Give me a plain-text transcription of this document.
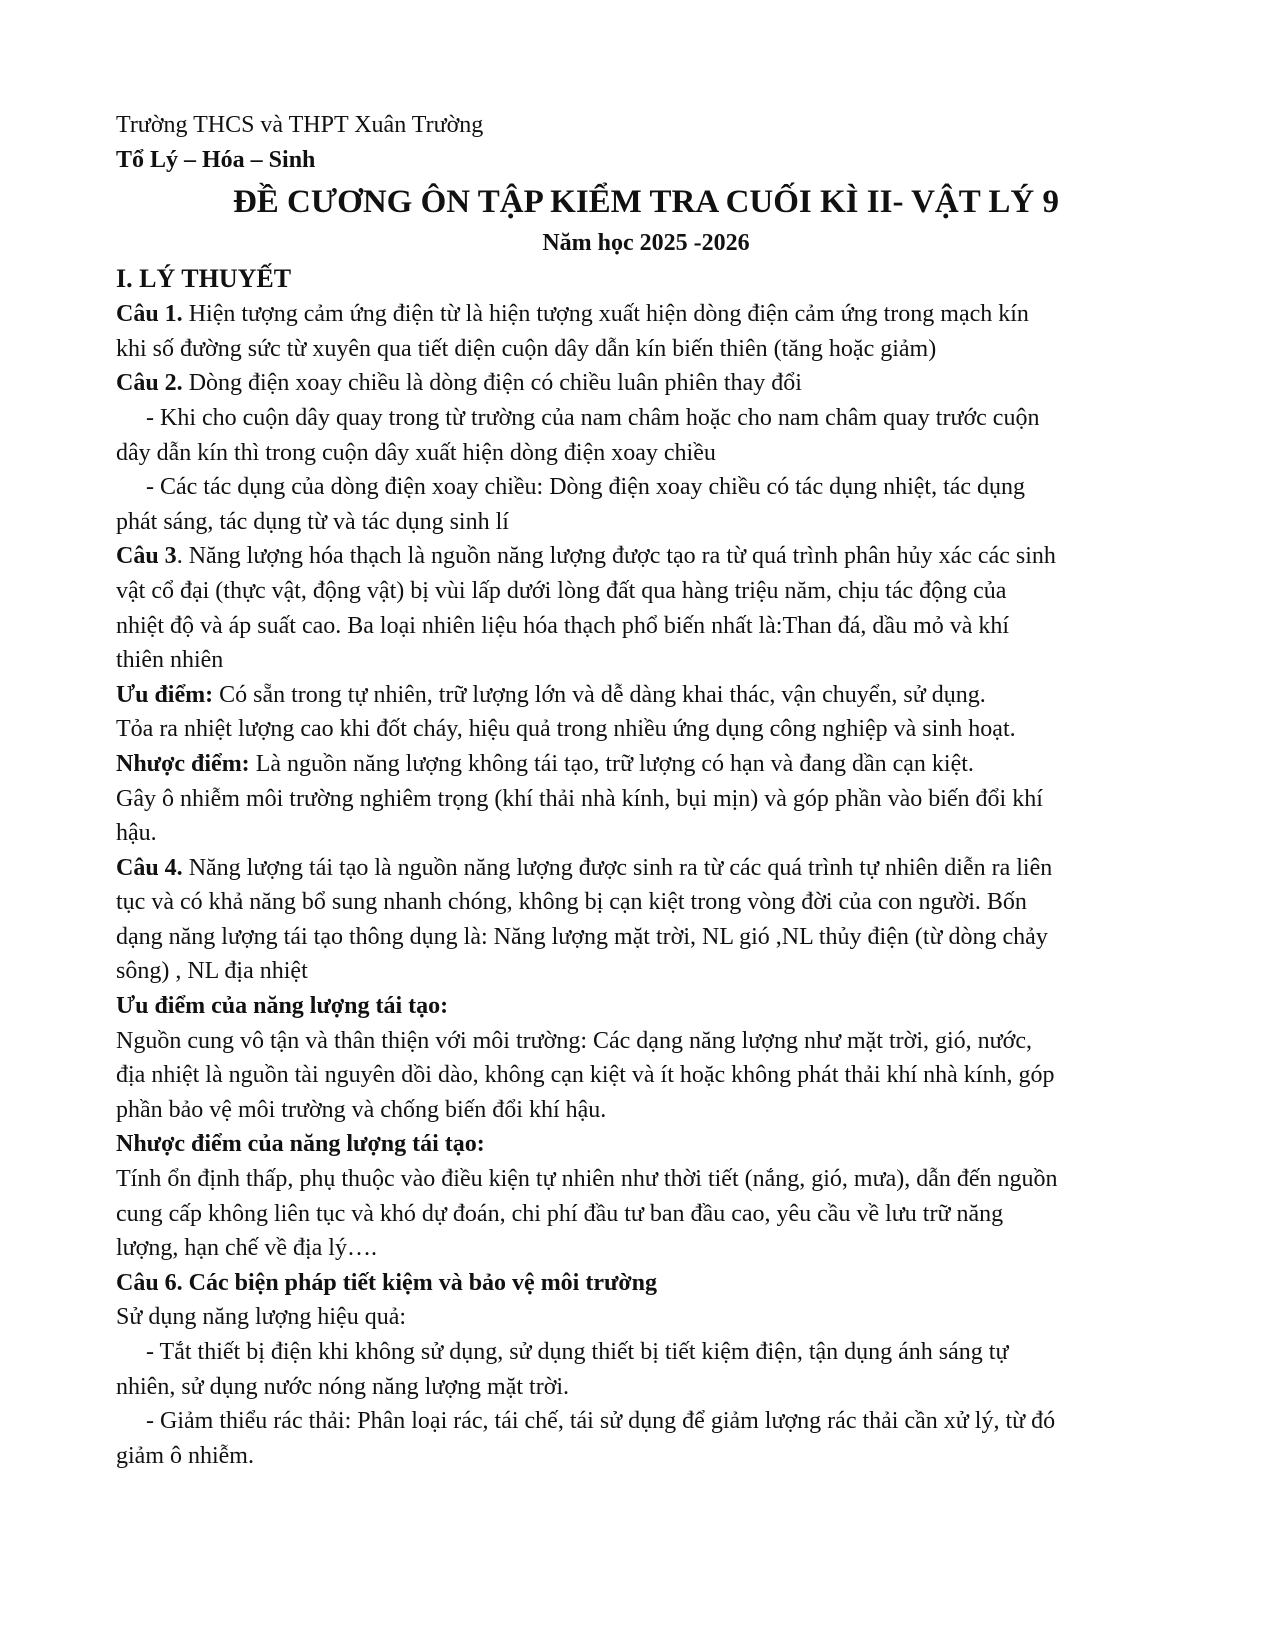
Trường THCS và THPT Xuân Trường
Tổ Lý – Hóa – Sinh
ĐỀ CƯƠNG ÔN TẬP KIỂM TRA CUỐI KÌ II- VẬT LÝ 9
Năm học 2025 -2026
I. LÝ THUYẾT
Câu 1. Hiện tượng cảm ứng điện từ là hiện tượng xuất hiện dòng điện cảm ứng trong mạch kín
khi số đường sức từ xuyên qua tiết diện cuộn dây dẫn kín biến thiên (tăng hoặc giảm)
Câu 2. Dòng điện xoay chiều là dòng điện có chiều luân phiên thay đổi
- Khi cho cuộn dây quay trong từ trường của nam châm hoặc cho nam châm quay trước cuộn
dây dẫn kín thì trong cuộn dây xuất hiện dòng điện xoay chiều
- Các tác dụng của dòng điện xoay chiều: Dòng điện xoay chiều có tác dụng nhiệt, tác dụng
phát sáng, tác dụng từ và tác dụng sinh lí
Câu 3. Năng lượng hóa thạch là nguồn năng lượng được tạo ra từ quá trình phân hủy xác các sinh
vật cổ đại (thực vật, động vật) bị vùi lấp dưới lòng đất qua hàng triệu năm, chịu tác động của
nhiệt độ và áp suất cao. Ba loại nhiên liệu hóa thạch phổ biến nhất là:Than đá, dầu mỏ và khí
thiên nhiên
Ưu điểm: Có sẵn trong tự nhiên, trữ lượng lớn và dễ dàng khai thác, vận chuyển, sử dụng.
Tỏa ra nhiệt lượng cao khi đốt cháy, hiệu quả trong nhiều ứng dụng công nghiệp và sinh hoạt.
Nhược điểm: Là nguồn năng lượng không tái tạo, trữ lượng có hạn và đang dần cạn kiệt.
Gây ô nhiễm môi trường nghiêm trọng (khí thải nhà kính, bụi mịn) và góp phần vào biến đổi khí
hậu.
Câu 4. Năng lượng tái tạo là nguồn năng lượng được sinh ra từ các quá trình tự nhiên diễn ra liên
tục và có khả năng bổ sung nhanh chóng, không bị cạn kiệt trong vòng đời của con người. Bốn
dạng năng lượng tái tạo thông dụng là: Năng lượng mặt trời, NL gió ,NL thủy điện (từ dòng chảy
sông) , NL địa nhiệt
Ưu điểm của năng lượng tái tạo:
Nguồn cung vô tận và thân thiện với môi trường: Các dạng năng lượng như mặt trời, gió, nước,
địa nhiệt là nguồn tài nguyên dồi dào, không cạn kiệt và ít hoặc không phát thải khí nhà kính, góp
phần bảo vệ môi trường và chống biến đổi khí hậu.
Nhược điểm của năng lượng tái tạo:
Tính ổn định thấp, phụ thuộc vào điều kiện tự nhiên như thời tiết (nắng, gió, mưa), dẫn đến nguồn
cung cấp không liên tục và khó dự đoán, chi phí đầu tư ban đầu cao, yêu cầu về lưu trữ năng
lượng, hạn chế về địa lý….
Câu 6. Các biện pháp tiết kiệm và bảo vệ môi trường
Sử dụng năng lượng hiệu quả:
- Tắt thiết bị điện khi không sử dụng, sử dụng thiết bị tiết kiệm điện, tận dụng ánh sáng tự
nhiên, sử dụng nước nóng năng lượng mặt trời.
- Giảm thiểu rác thải: Phân loại rác, tái chế, tái sử dụng để giảm lượng rác thải cần xử lý, từ đó
giảm ô nhiễm.
